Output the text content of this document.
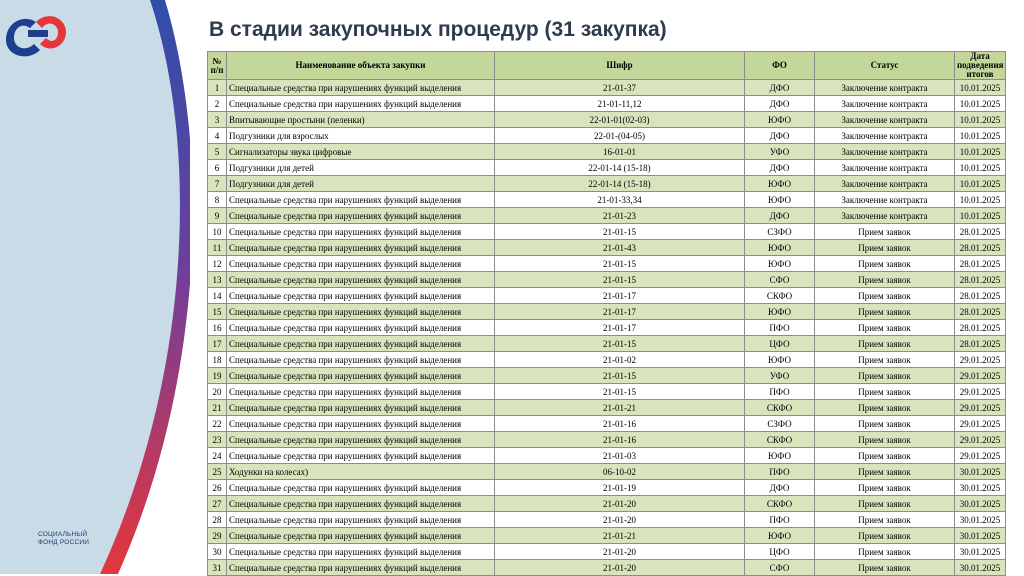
СОЦИАЛЬНЫЙ
ФОНД РОССИИ
В стадии закупочных процедур (31 закупка)
№ п/п	Наименование объекта закупки	Шифр	ФО	Статус	Дата подведения итогов
1	Специальные средства при нарушениях функций выделения	21-01-37	ДФО	Заключение контракта	10.01.2025
2	Специальные средства при нарушениях функций выделения	21-01-11,12	ДФО	Заключение контракта	10.01.2025
3	Впитывающие простыни (пеленки)	22-01-01(02-03)	ЮФО	Заключение контракта	10.01.2025
4	Подгузники для взрослых	22-01-(04-05)	ДФО	Заключение контракта	10.01.2025
5	Сигнализаторы звука цифровые	16-01-01	УФО	Заключение контракта	10.01.2025
6	Подгузники для детей	22-01-14 (15-18)	ДФО	Заключение контракта	10.01.2025
7	Подгузники для детей	22-01-14 (15-18)	ЮФО	Заключение контракта	10.01.2025
8	Специальные средства при нарушениях функций выделения	21-01-33,34	ЮФО	Заключение контракта	10.01.2025
9	Специальные средства при нарушениях функций выделения	21-01-23	ДФО	Заключение контракта	10.01.2025
10	Специальные средства при нарушениях функций выделения	21-01-15	СЗФО	Прием заявок	28.01.2025
11	Специальные средства при нарушениях функций выделения	21-01-43	ЮФО	Прием заявок	28.01.2025
12	Специальные средства при нарушениях функций выделения	21-01-15	ЮФО	Прием заявок	28.01.2025
13	Специальные средства при нарушениях функций выделения	21-01-15	СФО	Прием заявок	28.01.2025
14	Специальные средства при нарушениях функций выделения	21-01-17	СКФО	Прием заявок	28.01.2025
15	Специальные средства при нарушениях функций выделения	21-01-17	ЮФО	Прием заявок	28.01.2025
16	Специальные средства при нарушениях функций выделения	21-01-17	ПФО	Прием заявок	28.01.2025
17	Специальные средства при нарушениях функций выделения	21-01-15	ЦФО	Прием заявок	28.01.2025
18	Специальные средства при нарушениях функций выделения	21-01-02	ЮФО	Прием заявок	29.01.2025
19	Специальные средства при нарушениях функций выделения	21-01-15	УФО	Прием заявок	29.01.2025
20	Специальные средства при нарушениях функций выделения	21-01-15	ПФО	Прием заявок	29.01.2025
21	Специальные средства при нарушениях функций выделения	21-01-21	СКФО	Прием заявок	29.01.2025
22	Специальные средства при нарушениях функций выделения	21-01-16	СЗФО	Прием заявок	29.01.2025
23	Специальные средства при нарушениях функций выделения	21-01-16	СКФО	Прием заявок	29.01.2025
24	Специальные средства при нарушениях функций выделения	21-01-03	ЮФО	Прием заявок	29.01.2025
25	Ходунки на колесах)	06-10-02	ПФО	Прием заявок	30.01.2025
26	Специальные средства при нарушениях функций выделения	21-01-19	ДФО	Прием заявок	30.01.2025
27	Специальные средства при нарушениях функций выделения	21-01-20	СКФО	Прием заявок	30.01.2025
28	Специальные средства при нарушениях функций выделения	21-01-20	ПФО	Прием заявок	30.01.2025
29	Специальные средства при нарушениях функций выделения	21-01-21	ЮФО	Прием заявок	30.01.2025
30	Специальные средства при нарушениях функций выделения	21-01-20	ЦФО	Прием заявок	30.01.2025
31	Специальные средства при нарушениях функций выделения	21-01-20	СФО	Прием заявок	30.01.2025
